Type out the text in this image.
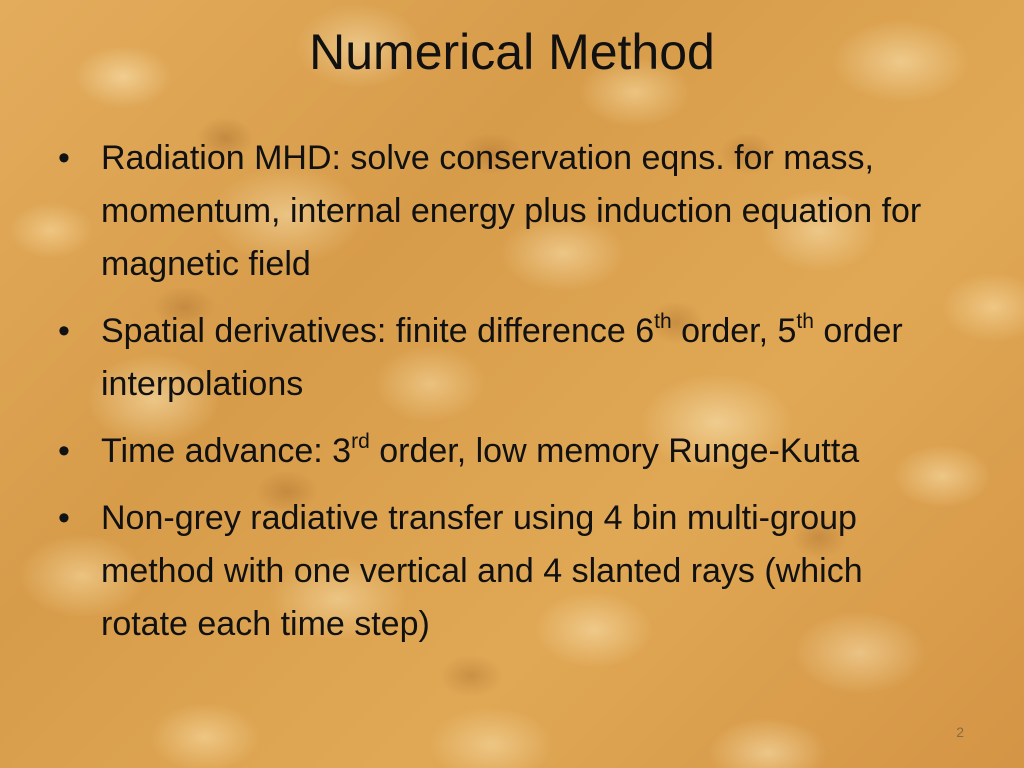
Numerical Method
• Radiation MHD: solve conservation eqns. for mass, momentum, internal energy plus induction equation for magnetic field
• Spatial derivatives: finite difference 6th order, 5th order interpolations
• Time advance: 3rd order, low memory Runge-Kutta
• Non-grey radiative transfer using 4 bin multi-group method with one vertical and 4 slanted rays (which rotate each time step)
2
